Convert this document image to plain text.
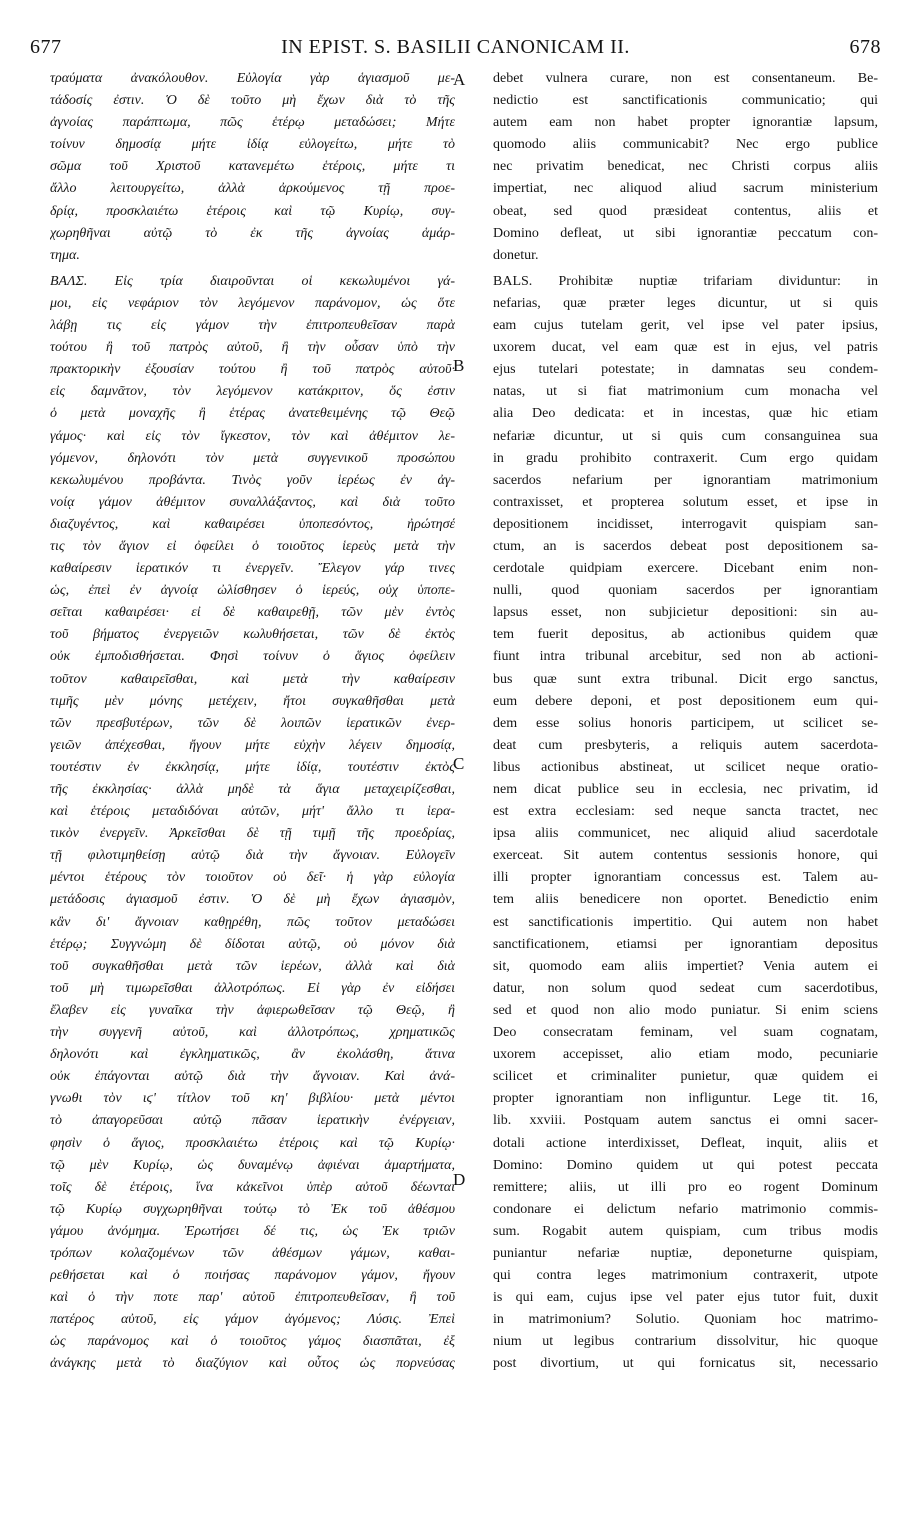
677	IN EPIST. S. BASILII CANONICAM II.	678
A
B
C
D
τραύματα ἀνακόλουθον. Εὐλογία γὰρ ἁγιασμοῦ με-
τάδοσίς ἐστιν. Ὁ δὲ τοῦτο μὴ ἔχων διὰ τὸ τῆς
ἀγνοίας παράπτωμα, πῶς ἑτέρῳ μεταδώσει; Μήτε
τοίνυν δημοσίᾳ μήτε ἰδίᾳ εὐλογείτω, μήτε τὸ
σῶμα τοῦ Χριστοῦ κατανεμέτω ἑτέροις, μήτε τι
ἄλλο λειτουργείτω, ἀλλὰ ἀρκούμενος τῇ προε-
δρίᾳ, προσκλαιέτω ἑτέροις καὶ τῷ Κυρίῳ, συγ-
χωρηθῆναι αὐτῷ τὸ ἐκ τῆς ἀγνοίας ἁμάρ-
τημα.
ΒΑΛΣ. Εἰς τρία διαιροῦνται οἱ κεκωλυμένοι γά-
μοι, εἰς νεφάριον τὸν λεγόμενον παράνομον, ὡς ὅτε
λάβῃ τις εἰς γάμον τὴν ἐπιτροπευθεῖσαν παρὰ
τούτου ἢ τοῦ πατρὸς αὐτοῦ, ἢ τὴν οὖσαν ὑπὸ τὴν
πρακτορικὴν ἐξουσίαν τούτου ἢ τοῦ πατρὸς αὐτοῦ·
εἰς δαμνᾶτον, τὸν λεγόμενον κατάκριτον, ὅς ἐστιν
ὁ μετὰ μοναχῆς ἢ ἑτέρας ἀνατεθειμένης τῷ Θεῷ
γάμος· καὶ εἰς τὸν ἴγκεστον, τὸν καὶ ἀθέμιτον λε-
γόμενον, δηλονότι τὸν μετὰ συγγενικοῦ προσώπου
κεκωλυμένου προβάντα. Τινὸς γοῦν ἱερέως ἐν ἀγ-
νοίᾳ γάμον ἀθέμιτον συναλλάξαντος, καὶ διὰ τοῦτο
διαζυγέντος, καὶ καθαιρέσει ὑποπεσόντος, ἠρώτησέ
τις τὸν ἅγιον εἰ ὀφείλει ὁ τοιοῦτος ἱερεὺς μετὰ τὴν
καθαίρεσιν ἱερατικόν τι ἐνεργεῖν. Ἔλεγον γάρ τινες
ὡς, ἐπεὶ ἐν ἀγνοίᾳ ὠλίσθησεν ὁ ἱερεύς, οὐχ ὑποπε-
σεῖται καθαιρέσει· εἰ δὲ καθαιρεθῇ, τῶν μὲν ἐντὸς
τοῦ βήματος ἐνεργειῶν κωλυθήσεται, τῶν δὲ ἐκτὸς
οὐκ ἐμποδισθήσεται. Φησὶ τοίνυν ὁ ἅγιος ὀφείλειν
τοῦτον καθαιρεῖσθαι, καὶ μετὰ τὴν καθαίρεσιν
τιμῆς μὲν μόνης μετέχειν, ἤτοι συγκαθῆσθαι μετὰ
τῶν πρεσβυτέρων, τῶν δὲ λοιπῶν ἱερατικῶν ἐνερ-
γειῶν ἀπέχεσθαι, ἤγουν μήτε εὐχὴν λέγειν δημοσίᾳ,
τουτέστιν ἐν ἐκκλησίᾳ, μήτε ἰδίᾳ, τουτέστιν ἐκτὸς
τῆς ἐκκλησίας· ἀλλὰ μηδὲ τὰ ἅγια μεταχειρίζεσθαι,
καὶ ἑτέροις μεταδιδόναι αὐτῶν, μήτ' ἄλλο τι ἱερα-
τικὸν ἐνεργεῖν. Ἀρκεῖσθαι δὲ τῇ τιμῇ τῆς προεδρίας,
τῇ φιλοτιμηθείσῃ αὐτῷ διὰ τὴν ἄγνοιαν. Εὐλογεῖν
μέντοι ἑτέρους τὸν τοιοῦτον οὐ δεῖ· ἡ γὰρ εὐλογία
μετάδοσις ἁγιασμοῦ ἐστιν. Ὁ δὲ μὴ ἔχων ἁγιασμὸν,
κἂν δι' ἄγνοιαν καθῃρέθη, πῶς τοῦτον μεταδώσει
ἑτέρῳ; Συγγνώμη δὲ δίδοται αὐτῷ, οὐ μόνον διὰ
τοῦ συγκαθῆσθαι μετὰ τῶν ἱερέων, ἀλλὰ καὶ διὰ
τοῦ μὴ τιμωρεῖσθαι ἀλλοτρόπως. Εἰ γὰρ ἐν εἰδήσει
ἔλαβεν εἰς γυναῖκα τὴν ἀφιερωθεῖσαν τῷ Θεῷ, ἢ
τὴν συγγενῆ αὐτοῦ, καὶ ἀλλοτρόπως, χρηματικῶς
δηλονότι καὶ ἐγκληματικῶς, ἂν ἐκολάσθη, ἅτινα
οὐκ ἐπάγονται αὐτῷ διὰ τὴν ἄγνοιαν. Καὶ ἀνά-
γνωθι τὸν ιϛ' τίτλον τοῦ κη' βιβλίου· μετὰ μέντοι
τὸ ἀπαγορεῦσαι αὐτῷ πᾶσαν ἱερατικὴν ἐνέργειαν,
φησὶν ὁ ἅγιος, προσκλαιέτω ἑτέροις καὶ τῷ Κυρίῳ·
τῷ μὲν Κυρίῳ, ὡς δυναμένῳ ἀφιέναι ἁμαρτήματα,
τοῖς δὲ ἑτέροις, ἵνα κἀκεῖνοι ὑπὲρ αὐτοῦ δέωνται
τῷ Κυρίῳ συγχωρηθῆναι τούτῳ τὸ Ἐκ τοῦ ἀθέσμου
γάμου ἀνόμημα. Ἐρωτήσει δέ τις, ὡς Ἐκ τριῶν
τρόπων κολαζομένων τῶν ἀθέσμων γάμων, καθαι-
ρεθήσεται καὶ ὁ ποιήσας παράνομον γάμον, ἤγουν
καὶ ὁ τὴν ποτε παρ' αὐτοῦ ἐπιτροπευθεῖσαν, ἢ τοῦ
πατέρος αὐτοῦ, εἰς γάμον ἀγόμενος; Λύσις. Ἐπεὶ
ὡς παράνομος καὶ ὁ τοιοῦτος γάμος διασπᾶται, ἐξ
ἀνάγκης μετὰ τὸ διαζύγιον καὶ οὗτος ὡς πορνεύσας
debet vulnera curare, non est consentaneum. Be-
nedictio est sanctificationis communicatio; qui
autem eam non habet propter ignorantiæ lapsum,
quomodo aliis communicabit? Nec ergo publice
nec privatim benedicat, nec Christi corpus aliis
impertiat, nec aliquod aliud sacrum ministerium
obeat, sed quod præsideat contentus, aliis et
Domino defleat, ut sibi ignorantiæ peccatum con-
donetur.
BALS. Prohibitæ nuptiæ trifariam dividuntur: in
nefarias, quæ præter leges dicuntur, ut si quis
eam cujus tutelam gerit, vel ipse vel pater ipsius,
uxorem ducat, vel eam quæ est in ejus, vel patris
ejus tutelari potestate; in damnatas seu condem-
natas, ut si fiat matrimonium cum monacha vel
alia Deo dedicata: et in incestas, quæ hic etiam
nefariæ dicuntur, ut si quis cum consanguinea sua
in gradu prohibito contraxerit. Cum ergo quidam
sacerdos nefarium per ignorantiam matrimonium
contraxisset, et propterea solutum esset, et ipse in
depositionem incidisset, interrogavit quispiam san-
ctum, an is sacerdos debeat post depositionem sa-
cerdotale quidpiam exercere. Dicebant enim non-
nulli, quod quoniam sacerdos per ignorantiam
lapsus esset, non subjicietur depositioni: sin au-
tem fuerit depositus, ab actionibus quidem quæ
fiunt intra tribunal arcebitur, sed non ab actioni-
bus quæ sunt extra tribunal. Dicit ergo sanctus,
eum debere deponi, et post depositionem eum qui-
dem esse solius honoris participem, ut scilicet se-
deat cum presbyteris, a reliquis autem sacerdota-
libus actionibus abstineat, ut scilicet neque oratio-
nem dicat publice seu in ecclesia, nec privatim, id
est extra ecclesiam: sed neque sancta tractet, nec
ipsa aliis communicet, nec aliquid aliud sacerdotale
exerceat. Sit autem contentus sessionis honore, qui
illi propter ignorantiam concessus est. Talem au-
tem aliis benedicere non oportet. Benedictio enim
est sanctificationis impertitio. Qui autem non habet
sanctificationem, etiamsi per ignorantiam depositus
sit, quomodo eam aliis impertiet? Venia autem ei
datur, non solum quod sedeat cum sacerdotibus,
sed et quod non alio modo puniatur. Si enim sciens
Deo consecratam feminam, vel suam cognatam,
uxorem accepisset, alio etiam modo, pecuniarie
scilicet et criminaliter punietur, quæ quidem ei
propter ignorantiam non infliguntur. Lege tit. 16,
lib. xxviii. Postquam autem sanctus ei omni sacer-
dotali actione interdixisset, Defleat, inquit, aliis et
Domino: Domino quidem ut qui potest peccata
remittere; aliis, ut illi pro eo rogent Dominum
condonare ei delictum nefario matrimonio commis-
sum. Rogabit autem quispiam, cum tribus modis
puniantur nefariæ nuptiæ, deponeturne quispiam,
qui contra leges matrimonium contraxerit, utpote
is qui eam, cujus ipse vel pater ejus tutor fuit, duxit
in matrimonium? Solutio. Quoniam hoc matrimo-
nium ut legibus contrarium dissolvitur, hic quoque
post divortium, ut qui fornicatus sit, necessario
